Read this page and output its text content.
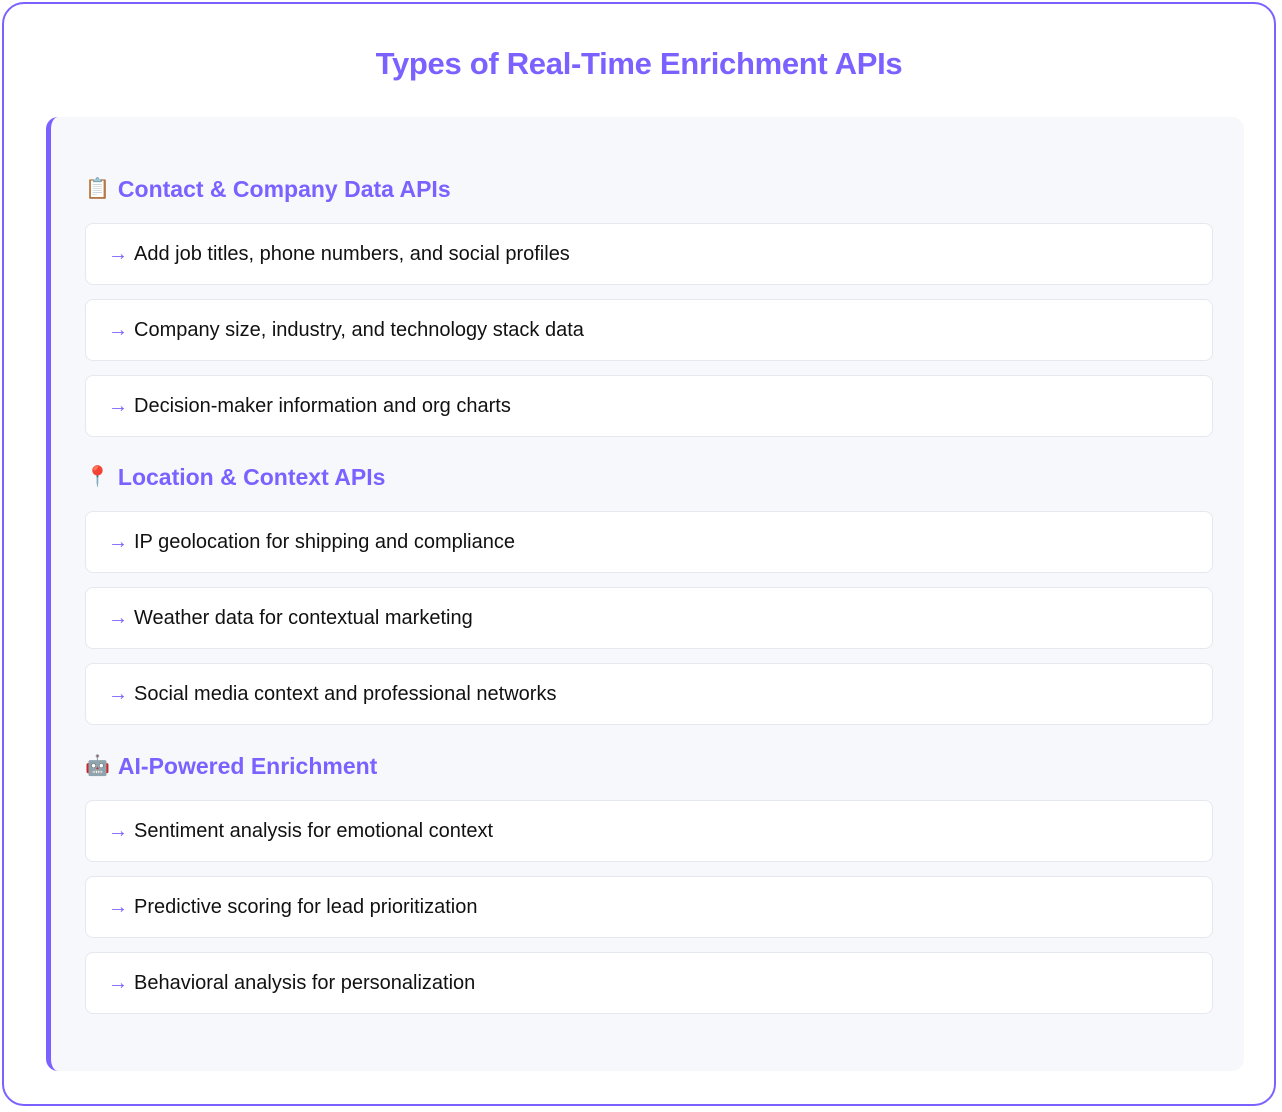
Types of Real-Time Enrichment APIs
📋 Contact & Company Data APIs
→ Add job titles, phone numbers, and social profiles
→ Company size, industry, and technology stack data
→ Decision-maker information and org charts
📍 Location & Context APIs
→ IP geolocation for shipping and compliance
→ Weather data for contextual marketing
→ Social media context and professional networks
🤖 AI-Powered Enrichment
→ Sentiment analysis for emotional context
→ Predictive scoring for lead prioritization
→ Behavioral analysis for personalization
